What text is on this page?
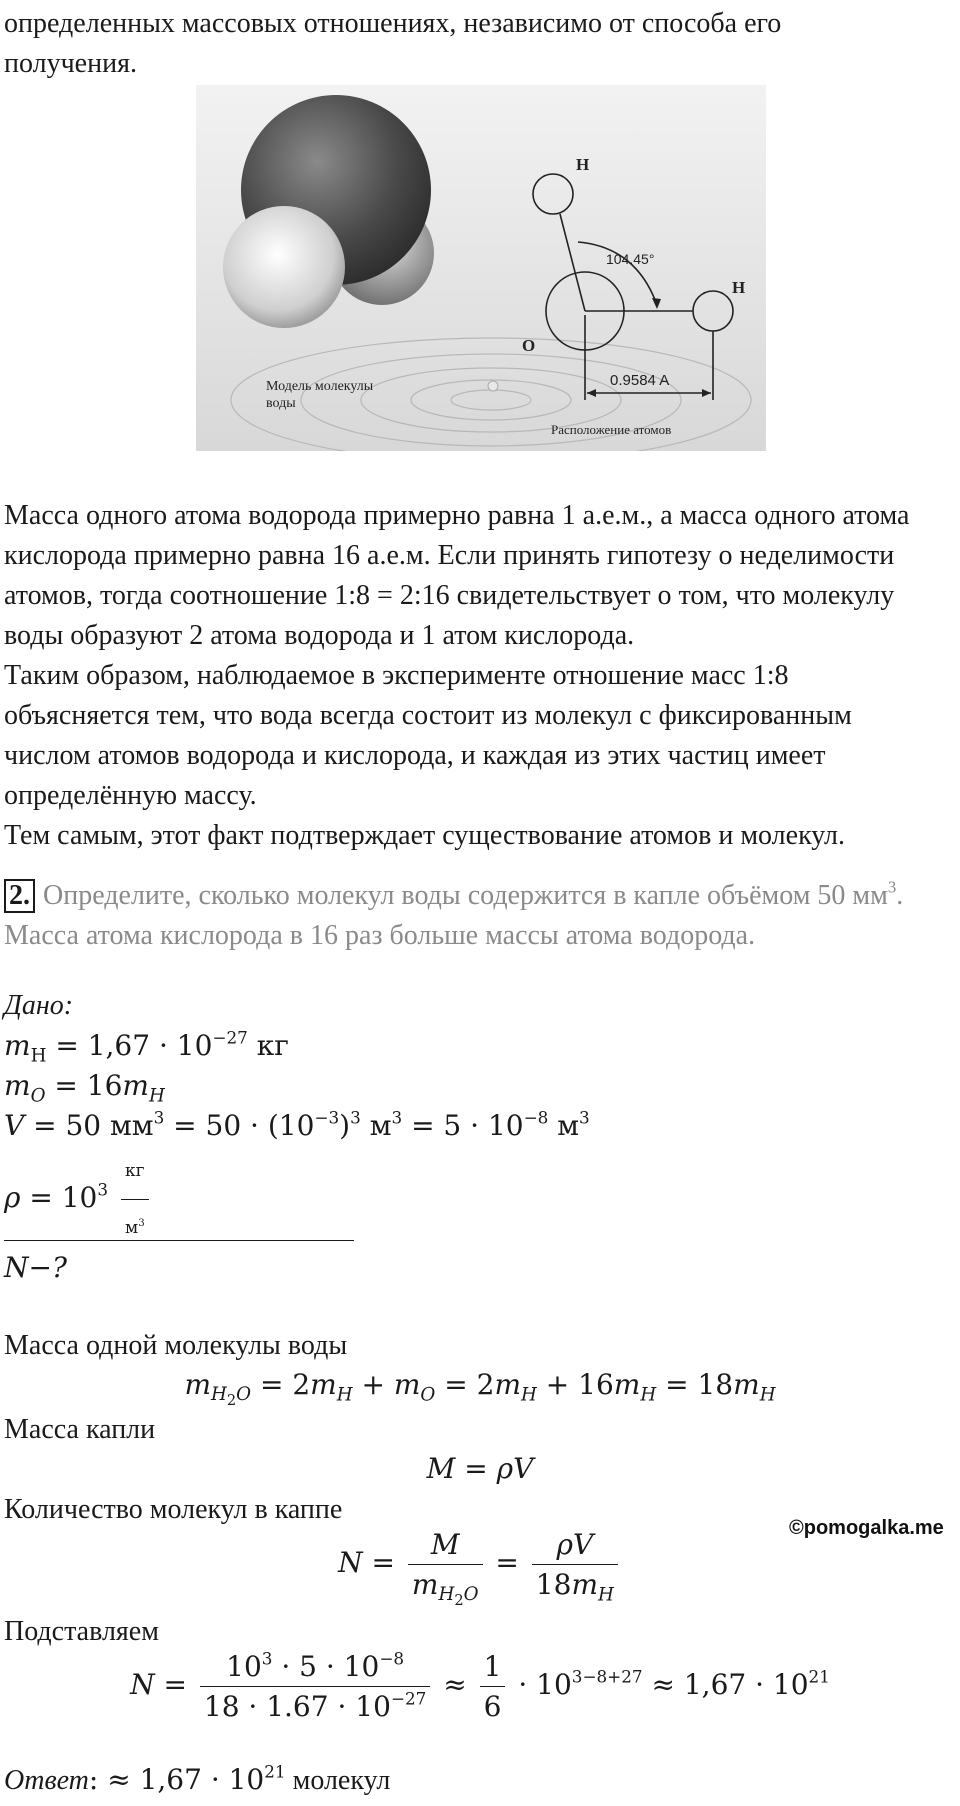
определенных массовых отношениях, независимо от способа его
получения.
Модель молекулы
воды
H
H
O
104.45°
0.9584 A
Расположение атомов
Масса одного атома водорода примерно равна 1 а.е.м., а масса одного атома
кислорода примерно равна 16 а.е.м. Если принять гипотезу о неделимости
атомов, тогда соотношение 1:8 = 2:16 свидетельствует о том, что молекулу
воды образуют 2 атома водорода и 1 атом кислорода.
Таким образом, наблюдаемое в эксперименте отношение масс 1:8
объясняется тем, что вода всегда состоит из молекул с фиксированным
числом атомов водорода и кислорода, и каждая из этих частиц имеет
определённую массу.
Тем самым, этот факт подтверждает существование атомов и молекул.
2. Определите, сколько молекул воды содержится в капле объёмом 50 $мм^3$.
Масса атома кислорода в 16 раз больше массы атома водорода.
Дано:
$m_H = 1,67 \cdot 10^{-27}$ кг
$m_O = 16m_H$
V = 50 $мм^3 = 50 \cdot (10^{-3})^3$ $м^3 = 5 \cdot 10^{-8}$ $м^3$
$\rho = 10^3 \frac{кг}{м^3}$
N−?
Масса одной молекулы воды
$m_{H_2O} = 2m_H + m_O = 2m_H + 16m_H = 18m_H$
Масса капли
M = ρV
Количество молекул в каппе
©pomogalka.me
$N = \frac{M}{m_{H_2O}} = \frac{\rho V}{18m_H}$
Подставляем
$N = \frac{10^3 \cdot 5 \cdot 10^{-8}}{18 \cdot 1.67 \cdot 10^{-27}} \approx \frac{1}{6} \cdot 10^{3-8+27} \approx 1,67 \cdot 10^{21}$
Ответ: ≈ $1,67 \cdot 10^{21}$ молекул
